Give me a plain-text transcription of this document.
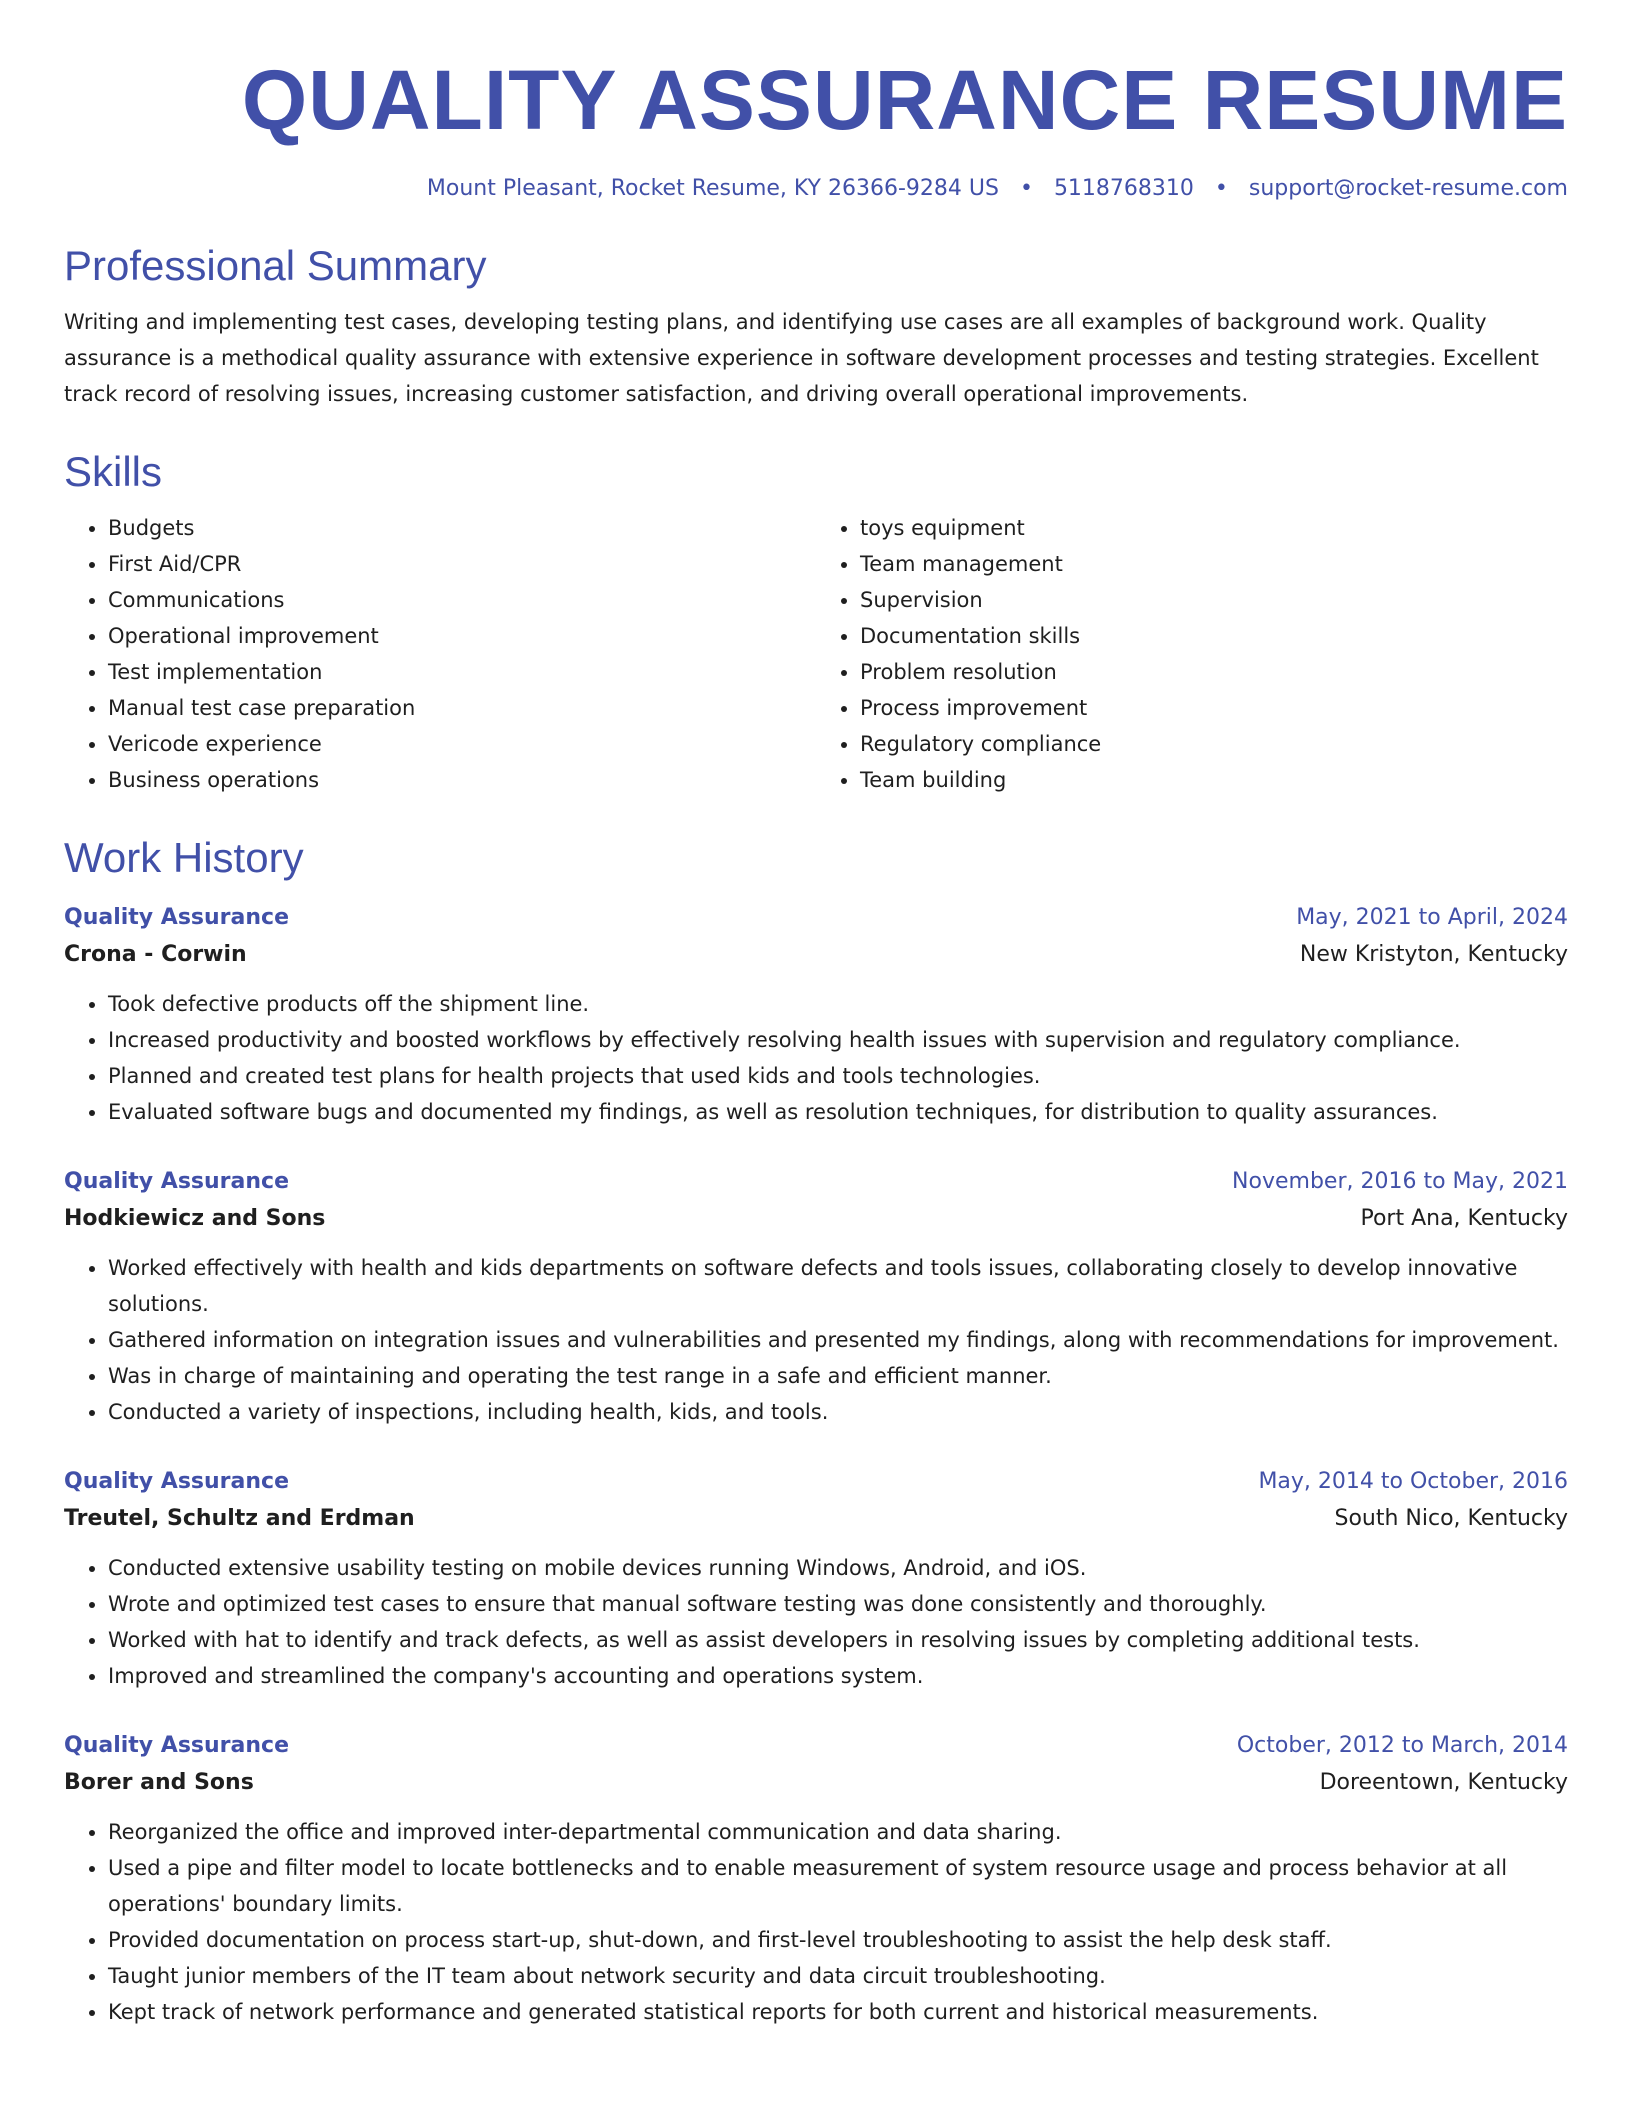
QUALITY ASSURANCE RESUME
Mount Pleasant, Rocket Resume, KY 26366-9284 US • 5118768310 • support@rocket-resume.com
Professional Summary

Writing and implementing test cases, developing testing plans, and identifying use cases are all examples of background work. Quality assurance is a methodical quality assurance with extensive experience in software development processes and testing strategies. Excellent track record of resolving issues, increasing customer satisfaction, and driving overall operational improvements.

Skills
• Budgets
• First Aid/CPR
• Communications
• Operational improvement
• Test implementation
• Manual test case preparation
• Vericode experience
• Business operations
• toys equipment
• Team management
• Supervision
• Documentation skills
• Problem resolution
• Process improvement
• Regulatory compliance
• Team building
Work History
Quality Assurance	May, 2021 to April, 2024
Crona - Corwin	New Kristyton, Kentucky
• Took defective products off the shipment line.
• Increased productivity and boosted workflows by effectively resolving health issues with supervision and regulatory compliance.
• Planned and created test plans for health projects that used kids and tools technologies.
• Evaluated software bugs and documented my findings, as well as resolution techniques, for distribution to quality assurances.
Quality Assurance	November, 2016 to May, 2021
Hodkiewicz and Sons	Port Ana, Kentucky
• Worked effectively with health and kids departments on software defects and tools issues, collaborating closely to develop innovative solutions.
• Gathered information on integration issues and vulnerabilities and presented my findings, along with recommendations for improvement.
• Was in charge of maintaining and operating the test range in a safe and efficient manner.
• Conducted a variety of inspections, including health, kids, and tools.
Quality Assurance	May, 2014 to October, 2016
Treutel, Schultz and Erdman	South Nico, Kentucky
• Conducted extensive usability testing on mobile devices running Windows, Android, and iOS.
• Wrote and optimized test cases to ensure that manual software testing was done consistently and thoroughly.
• Worked with hat to identify and track defects, as well as assist developers in resolving issues by completing additional tests.
• Improved and streamlined the company's accounting and operations system.
Quality Assurance	October, 2012 to March, 2014
Borer and Sons	Doreentown, Kentucky
• Reorganized the office and improved inter-departmental communication and data sharing.
• Used a pipe and filter model to locate bottlenecks and to enable measurement of system resource usage and process behavior at all operations' boundary limits.
• Provided documentation on process start-up, shut-down, and first-level troubleshooting to assist the help desk staff.
• Taught junior members of the IT team about network security and data circuit troubleshooting.
• Kept track of network performance and generated statistical reports for both current and historical measurements.
